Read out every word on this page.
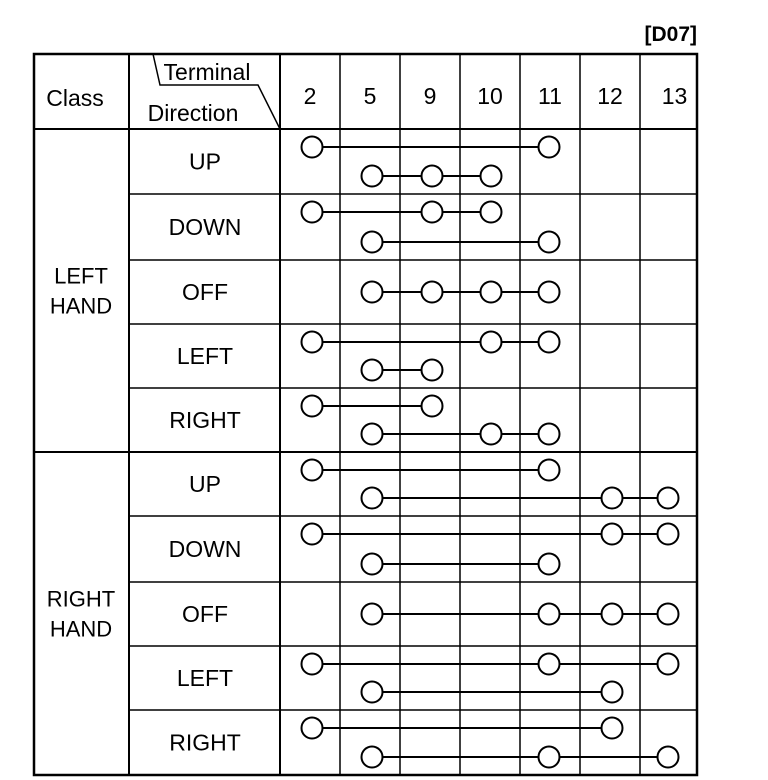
[D07]
Class
Terminal
Direction
2 5 9 10 11 12 13
LEFT
HAND
RIGHT
HAND
UP
DOWN
OFF
LEFT
RIGHT
UP
DOWN
OFF
LEFT
RIGHT
